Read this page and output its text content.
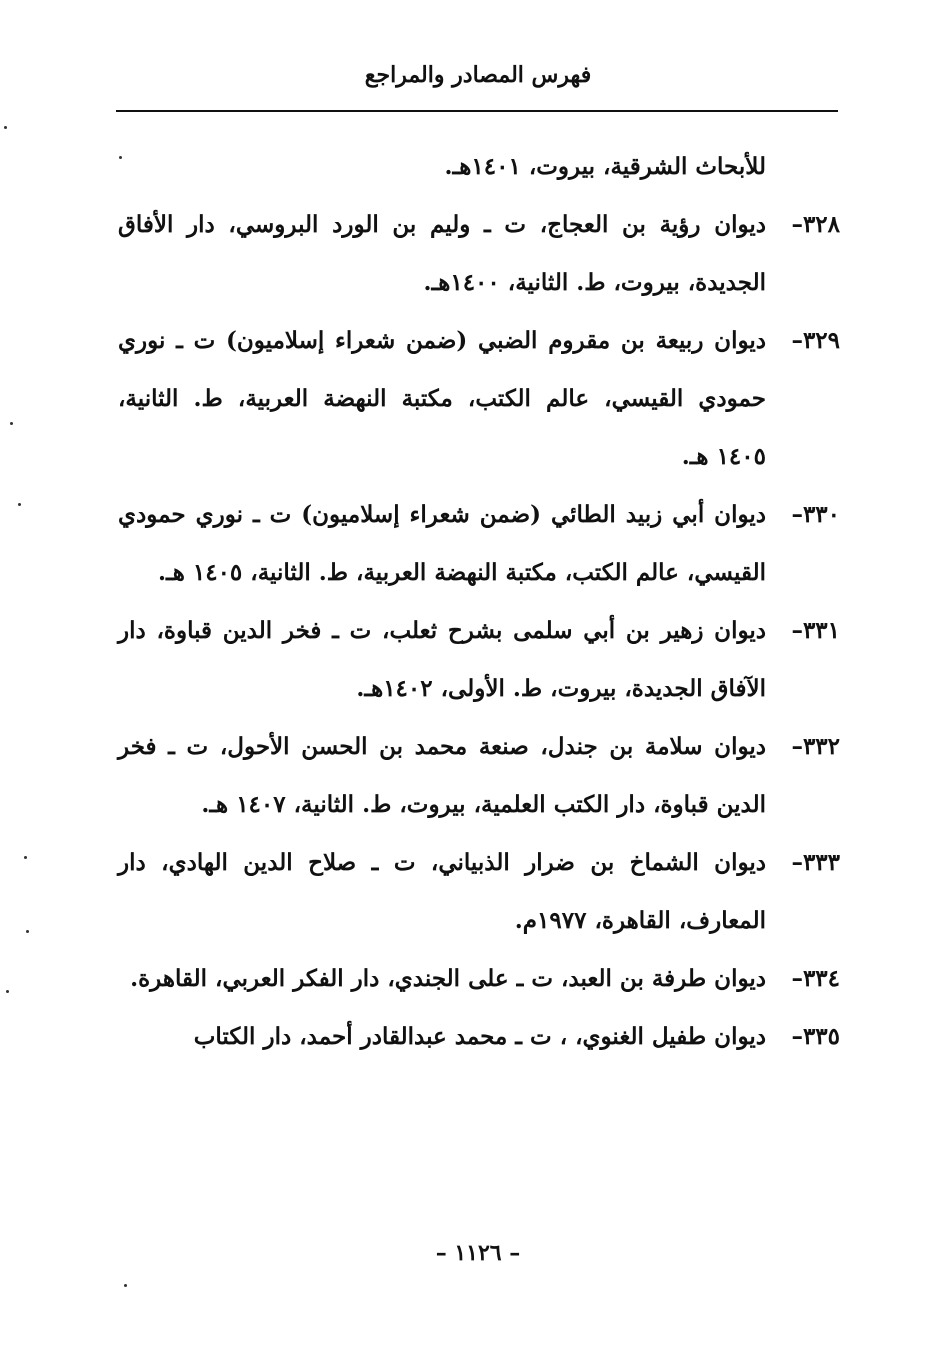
فهرس المصادر والمراجع

للأبحاث الشرقية، بيروت، ١٤٠١هـ.

٣٢٨–
ديوان رؤية بن العجاج، ت ـ وليم بن الورد البروسي، دار الأفاق الجديدة، بيروت، ط. الثانية، ١٤٠٠هـ.
٣٢٩–
ديوان ربيعة بن مقروم الضبي (ضمن شعراء إسلاميون) ت ـ نوري حمودي القيسي، عالم الكتب، مكتبة النهضة العربية، ط. الثانية، ١٤٠٥ هـ.
٣٣٠–
ديوان أبي زبيد الطائي (ضمن شعراء إسلاميون) ت ـ نوري حمودي القيسي، عالم الكتب، مكتبة النهضة العربية، ط. الثانية، ١٤٠٥ هـ.
٣٣١–
ديوان زهير بن أبي سلمى بشرح ثعلب، ت ـ فخر الدين قباوة، دار الآفاق الجديدة، بيروت، ط. الأولى، ١٤٠٢هـ.
٣٣٢–
ديوان سلامة بن جندل، صنعة محمد بن الحسن الأحول، ت ـ فخر الدين قباوة، دار الكتب العلمية، بيروت، ط. الثانية، ١٤٠٧ هـ.
٣٣٣–
ديوان الشماخ بن ضرار الذبياني، ت ـ صلاح الدين الهادي، دار المعارف، القاهرة، ١٩٧٧م.
٣٣٤–
ديوان طرفة بن العبد، ت ـ على الجندي، دار الفكر العربي، القاهرة.
٣٣٥–
ديوان طفيل الغنوي، ، ت ـ محمد عبدالقادر أحمد، دار الكتاب
– ١١٢٦ –
